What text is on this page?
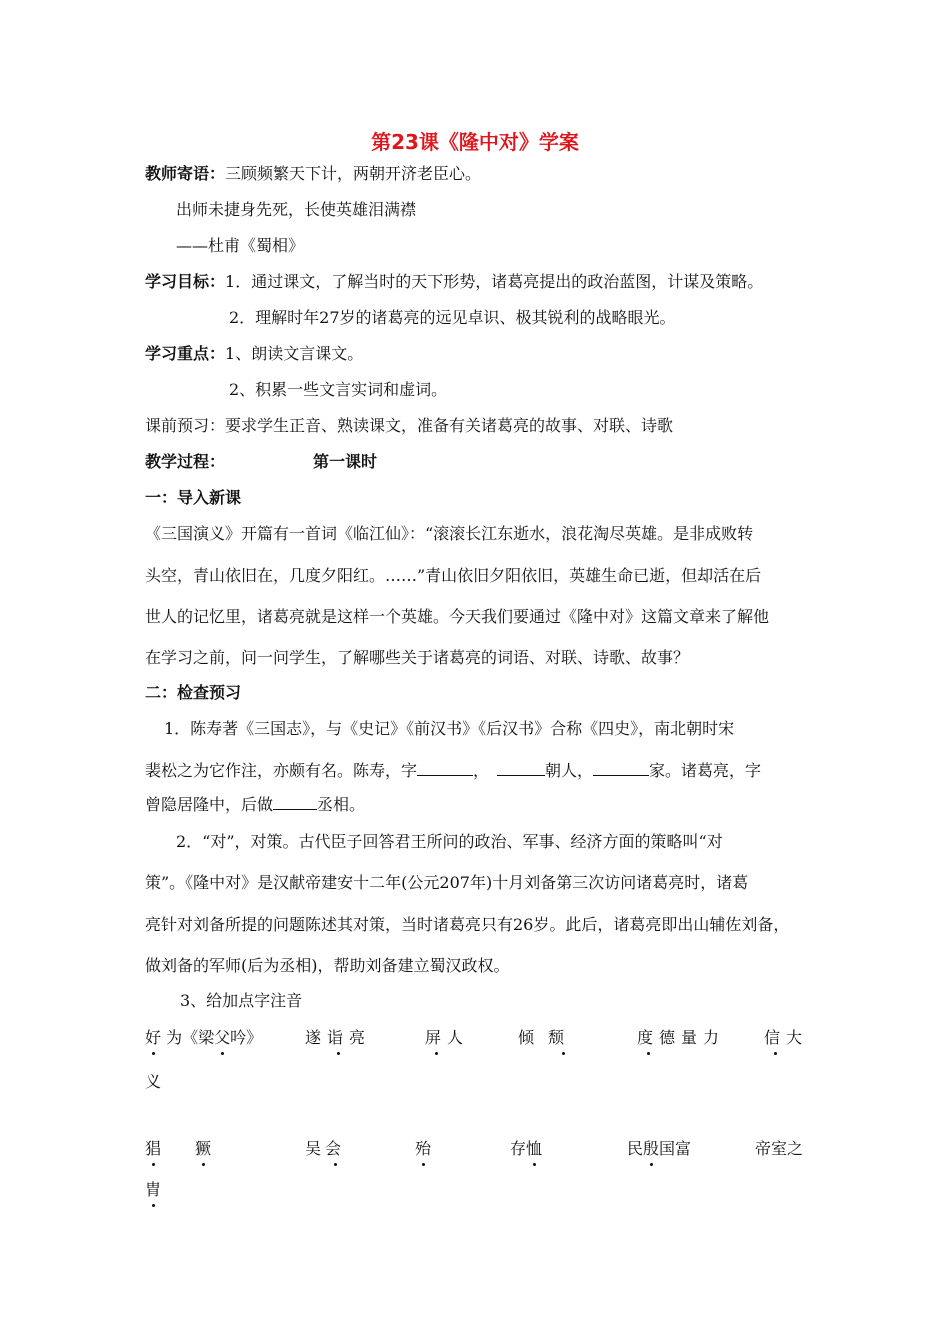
第23课《隆中对》学案
教师寄语：三顾频繁天下计，两朝开济老臣心。
出师未捷身先死，长使英雄泪满襟
——杜甫《蜀相》
学习目标：1．通过课文，了解当时的天下形势，诸葛亮提出的政治蓝图，计谋及策略。
2．理解时年27岁的诸葛亮的远见卓识、极其锐利的战略眼光。
学习重点：1、朗读文言课文。
2、积累一些文言实词和虚词。
课前预习：要求学生正音、熟读课文，准备有关诸葛亮的故事、对联、诗歌
教学过程：	第一课时
一：导入新课
《三国演义》开篇有一首词《临江仙》：“滚滚长江东逝水，浪花淘尽英雄。是非成败转
头空，青山依旧在，几度夕阳红。……”青山依旧夕阳依旧，英雄生命已逝，但却活在后
世人的记忆里，诸葛亮就是这样一个英雄。今天我们要通过《隆中对》这篇文章来了解他
在学习之前，问一问学生，了解哪些关于诸葛亮的词语、对联、诗歌、故事？
二：检查预习
1．陈寿著《三国志》，与《史记》《前汉书》《后汉书》合称《四史》，南北朝时宋
裴松之为它作注，亦颇有名。陈寿，字	，	朝人，	家。诸葛亮，字
曾隐居隆中，后做	丞相。
2．“对”，对策。古代臣子回答君王所问的政治、军事、经济方面的策略叫“对
策”。《隆中对》是汉献帝建安十二年(公元207年)十月刘备第三次访问诸葛亮时，诸葛
亮针对刘备所提的问题陈述其对策，当时诸葛亮只有26岁。此后，诸葛亮即出山辅佐刘备，
做刘备的军师(后为丞相)，帮助刘备建立蜀汉政权。
3、给加点字注音
好 为《梁父吟》	遂诣亮	屏人	倾颓	度德量力 信大
义
猖 獗	吴会	殆	存恤	民殷国富	帝室之
胄
